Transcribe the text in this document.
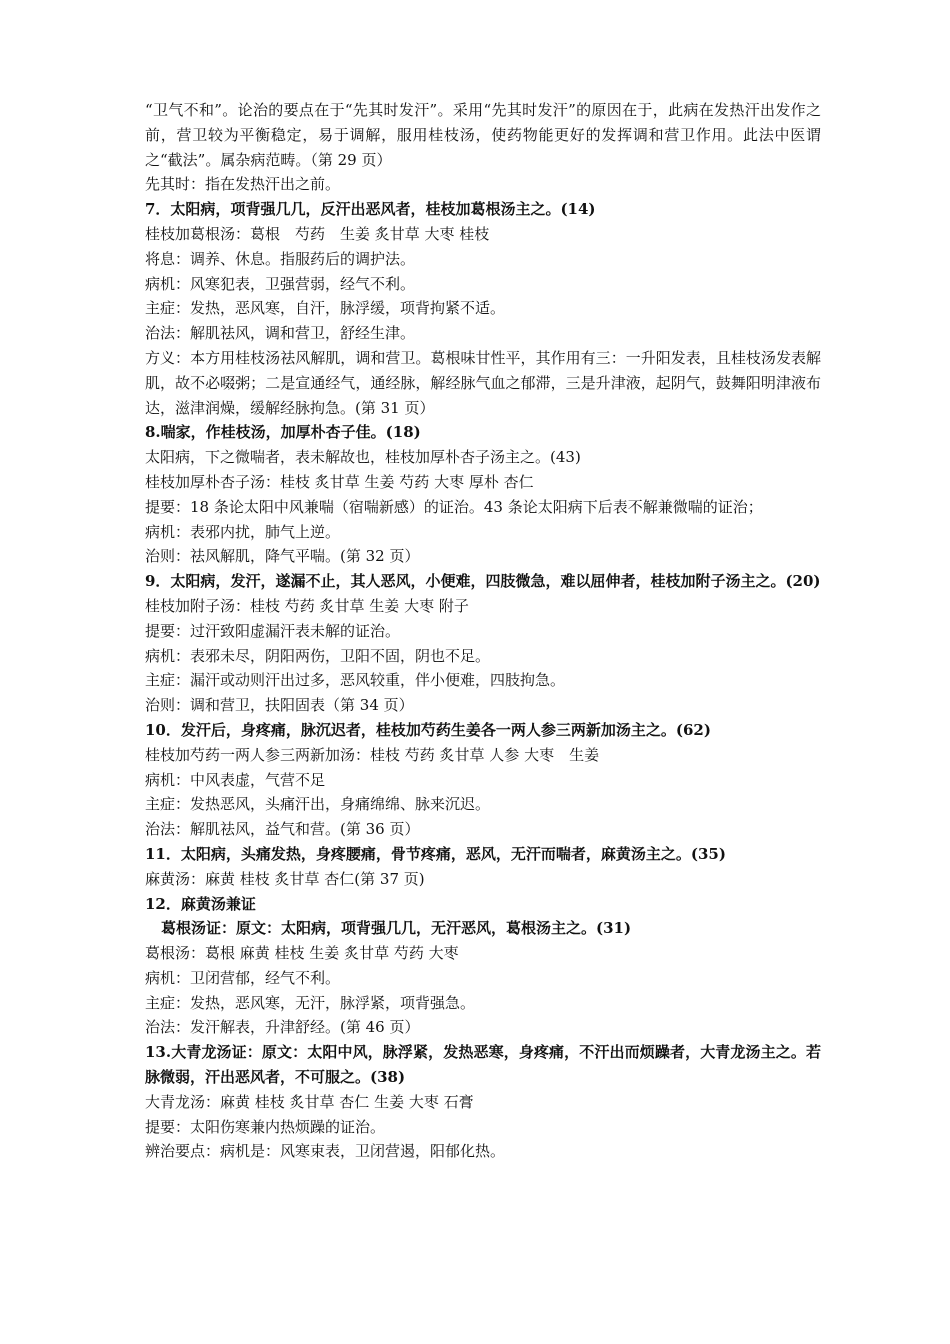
“卫气不和”。论治的要点在于“先其时发汗”。采用“先其时发汗”的原因在于，此病在发热汗出发作之前，营卫较为平衡稳定，易于调解，服用桂枝汤，使药物能更好的发挥调和营卫作用。此法中医谓之“截法”。属杂病范畴。（第 29 页）

先其时：指在发热汗出之前。

7．太阳病，项背强几几，反汗出恶风者，桂枝加葛根汤主之。(14)

桂枝加葛根汤：葛根　芍药　生姜 炙甘草 大枣 桂枝

将息：调养、休息。指服药后的调护法。

病机：风寒犯表，卫强营弱，经气不利。

主症：发热，恶风寒，自汗，脉浮缓，项背拘紧不适。

治法：解肌祛风，调和营卫，舒经生津。

方义：本方用桂枝汤祛风解肌，调和营卫。葛根味甘性平，其作用有三：一升阳发表，且桂枝汤发表解肌，故不必啜粥；二是宣通经气，通经脉，解经脉气血之郁滞，三是升津液，起阴气，鼓舞阳明津液布达，滋津润燥，缓解经脉拘急。(第 31 页）

8.喘家，作桂枝汤，加厚朴杏子佳。(18)

太阳病，下之微喘者，表未解故也，桂枝加厚朴杏子汤主之。(43)

桂枝加厚朴杏子汤：桂枝 炙甘草 生姜 芍药 大枣 厚朴 杏仁

提要：18 条论太阳中风兼喘（宿喘新感）的证治。43 条论太阳病下后表不解兼微喘的证治；

病机：表邪内扰，肺气上逆。

治则：祛风解肌，降气平喘。(第 32 页）

9．太阳病，发汗，遂漏不止，其人恶风，小便难，四肢微急，难以屈伸者，桂枝加附子汤主之。(20)

桂枝加附子汤：桂枝 芍药 炙甘草 生姜 大枣 附子

提要：过汗致阳虚漏汗表未解的证治。

病机：表邪未尽，阴阳两伤，卫阳不固，阴也不足。

主症：漏汗或动则汗出过多，恶风较重，伴小便难，四肢拘急。

治则：调和营卫，扶阳固表（第 34 页）

10．发汗后，身疼痛，脉沉迟者，桂枝加芍药生姜各一两人参三两新加汤主之。(62)

桂枝加芍药一两人参三两新加汤：桂枝 芍药 炙甘草 人参 大枣　生姜

病机：中风表虚，气营不足

主症：发热恶风，头痛汗出，身痛绵绵、脉来沉迟。

治法：解肌祛风，益气和营。(第 36 页）

11．太阳病，头痛发热，身疼腰痛，骨节疼痛，恶风，无汗而喘者，麻黄汤主之。(35)

麻黄汤：麻黄 桂枝 炙甘草 杏仁(第 37 页)

12．麻黄汤兼证

葛根汤证：原文：太阳病，项背强几几，无汗恶风，葛根汤主之。(31)

葛根汤：葛根 麻黄 桂枝 生姜 炙甘草 芍药 大枣

病机：卫闭营郁，经气不利。

主症：发热，恶风寒，无汗，脉浮紧，项背强急。

治法：发汗解表，升津舒经。(第 46 页）

13.大青龙汤证：原文：太阳中风，脉浮紧，发热恶寒，身疼痛，不汗出而烦躁者，大青龙汤主之。若脉微弱，汗出恶风者，不可服之。(38)

大青龙汤：麻黄 桂枝 炙甘草 杏仁 生姜 大枣 石膏

提要：太阳伤寒兼内热烦躁的证治。

辨治要点：病机是：风寒束表，卫闭营遏，阳郁化热。
